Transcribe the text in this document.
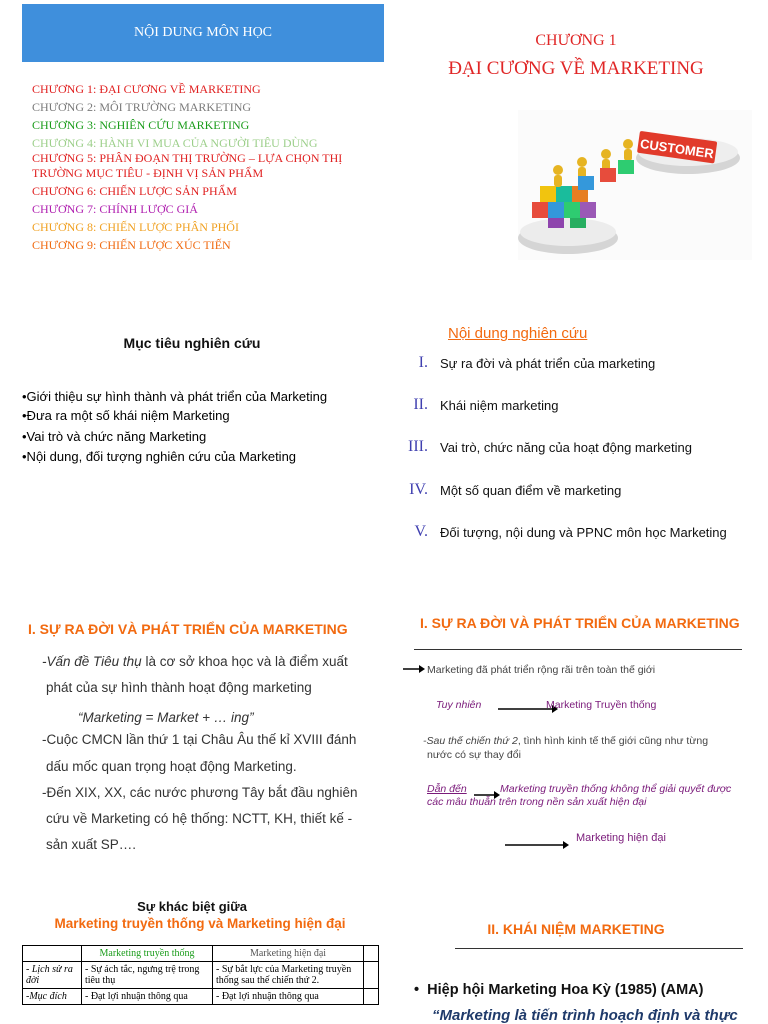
NỘI DUNG MÔN HỌC
CHƯƠNG 1: ĐẠI CƯƠNG VỀ MARKETING
CHƯƠNG 2: MÔI TRƯỜNG MARKETING
CHƯƠNG 3: NGHIÊN CỨU MARKETING
CHƯƠNG 4: HÀNH VI MUA CỦA NGƯỜI TIÊU DÙNG
CHƯƠNG 5: PHÂN ĐOẠN THỊ TRƯỜNG – LỰA CHỌN THỊ
TRƯỜNG MỤC TIÊU - ĐỊNH VỊ SẢN PHẨM
CHƯƠNG 6: CHIẾN LƯỢC SẢN PHẨM
CHƯƠNG 7: CHÍNH LƯỢC GIÁ
CHƯƠNG 8: CHIẾN LƯỢC PHÂN PHỐI
CHƯƠNG 9: CHIẾN LƯỢC XÚC TIẾN
CHƯƠNG 1
ĐẠI CƯƠNG VỀ MARKETING
CUSTOMER
Mục tiêu nghiên cứu
•Giới thiệu sự hình thành và phát triển của Marketing
•Đưa ra một số khái niệm Marketing
•Vai trò và chức năng Marketing
•Nội dung, đối tượng nghiên cứu của Marketing
Nội dung nghiên cứu
I. Sự ra đời và phát triển của marketing
II. Khái niệm marketing
III. Vai trò, chức năng của hoạt động marketing
IV. Một số quan điểm về marketing
V. Đối tượng, nội dung và PPNC môn học Marketing
I. SỰ RA ĐỜI VÀ PHÁT TRIỂN CỦA MARKETING
-Vấn đề Tiêu thụ là cơ sở khoa học và là điểm xuất
phát của sự hình thành hoạt động marketing
“Marketing = Market + … ing”
-Cuộc CMCN lần thứ 1 tại Châu Âu thế kỉ XVIII đánh
dấu mốc quan trọng hoạt động Marketing.
-Đến XIX, XX, các nước phương Tây bắt đầu nghiên
cứu về Marketing có hệ thống: NCTT, KH, thiết kế -
sản xuất SP….
I. SỰ RA ĐỜI VÀ PHÁT TRIỂN CỦA MARKETING
Marketing đã phát triển rộng rãi trên toàn thế giới
Tuy nhiên	Marketing Truyền thống
-Sau thế chiến thứ 2, tình hình kinh tế thế giới cũng như từng
nước có sự thay đổi
Dẫn đến	Marketing truyền thống không thể giải quyết được
các mâu thuẫn trên trong nền sản xuất hiện đại
Marketing hiện đại
Sự khác biệt giữa
Marketing truyền thống và Marketing hiện đại
	Marketing truyền thống	Marketing hiện đại	
- Lịch sử ra đời	- Sự ách tắc, ngưng trệ trong tiêu thụ	- Sự bắt lực của Marketing truyền thống sau thế chiến thứ 2.	
-Mục đích	- Đạt lợi nhuận thông qua	- Đạt lợi nhuận thông qua	
II. KHÁI NIỆM MARKETING
• Hiệp hội Marketing Hoa Kỳ (1985) (AMA)
“Marketing là tiến trình hoạch định và thực
